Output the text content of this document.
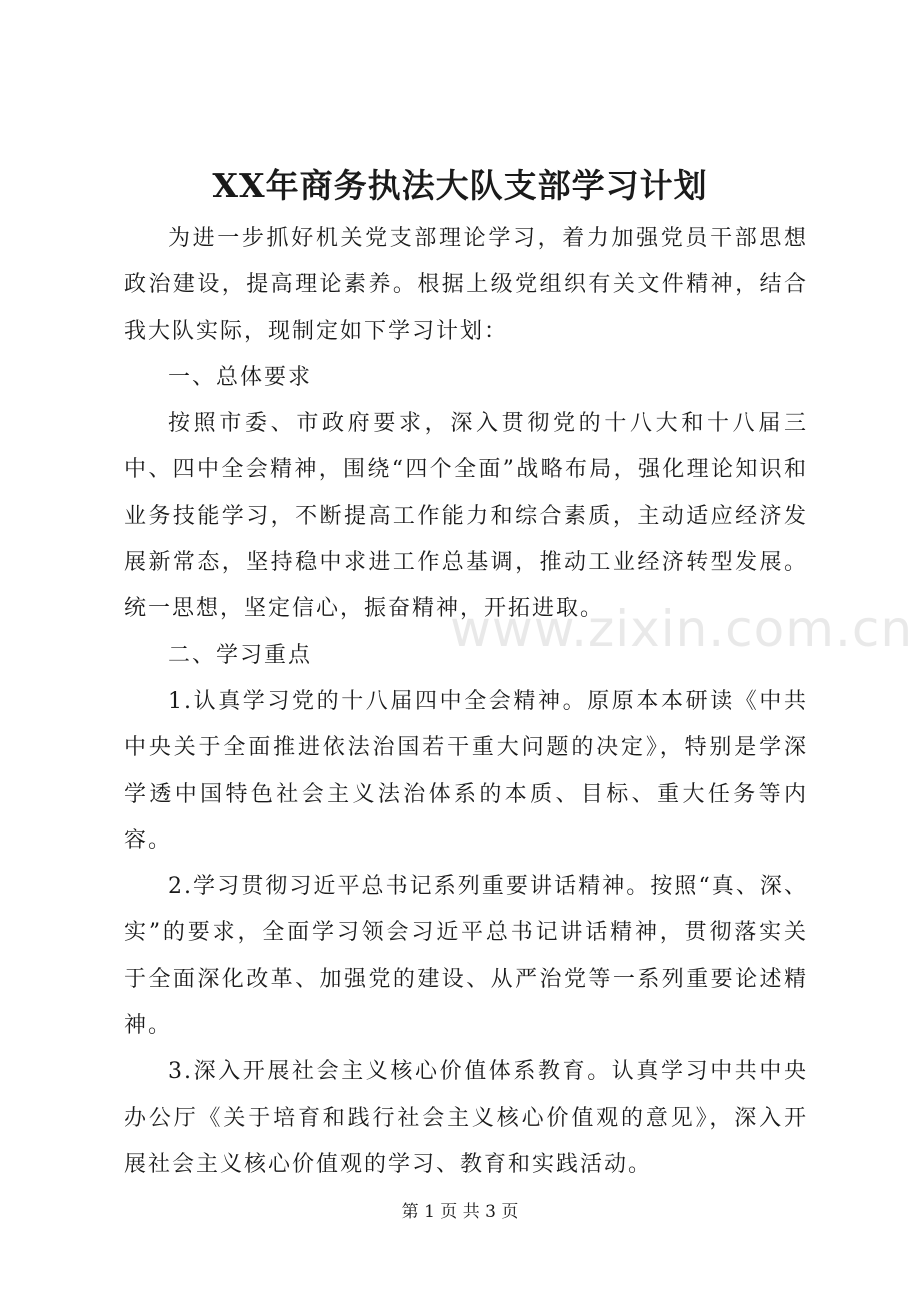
XX年商务执法大队支部学习计划

为进一步抓好机关党支部理论学习，着力加强党员干部思想政治建设，提高理论素养。根据上级党组织有关文件精神，结合我大队实际，现制定如下学习计划：

一、总体要求

按照市委、市政府要求，深入贯彻党的十八大和十八届三中、四中全会精神，围绕“四个全面”战略布局，强化理论知识和业务技能学习，不断提高工作能力和综合素质，主动适应经济发展新常态，坚持稳中求进工作总基调，推动工业经济转型发展。统一思想，坚定信心，振奋精神，开拓进取。

二、学习重点

1.认真学习党的十八届四中全会精神。原原本本研读《中共中央关于全面推进依法治国若干重大问题的决定》，特别是学深学透中国特色社会主义法治体系的本质、目标、重大任务等内容。

2.学习贯彻习近平总书记系列重要讲话精神。按照“真、深、实”的要求，全面学习领会习近平总书记讲话精神，贯彻落实关于全面深化改革、加强党的建设、从严治党等一系列重要论述精神。

3.深入开展社会主义核心价值体系教育。认真学习中共中央办公厅《关于培育和践行社会主义核心价值观的意见》，深入开展社会主义核心价值观的学习、教育和实践活动。

www.zixin.com.cn
第 1 页 共 3 页
